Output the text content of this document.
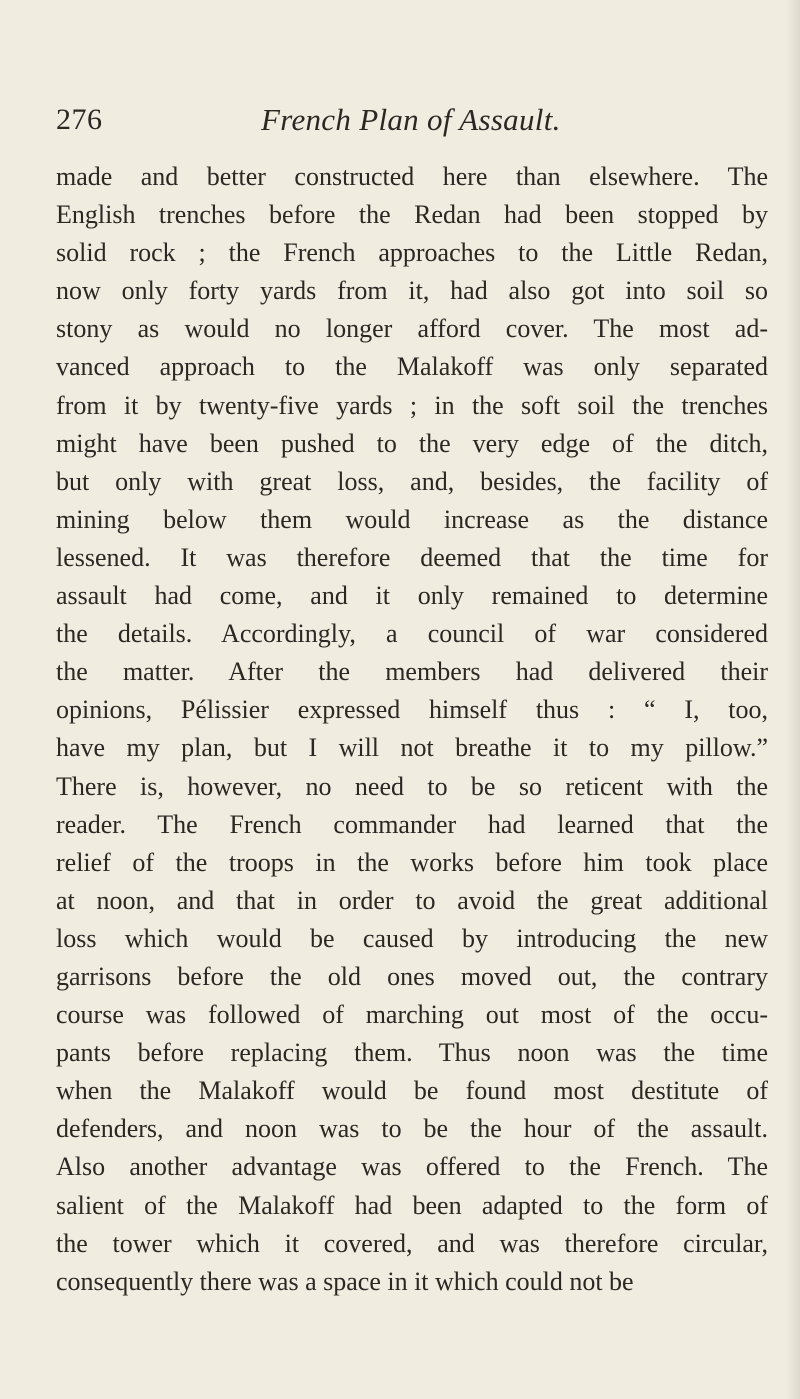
276	French Plan of Assault.
made and better constructed here than elsewhere. The
English trenches before the Redan had been stopped by
solid rock ; the French approaches to the Little Redan,
now only forty yards from it, had also got into soil so
stony as would no longer afford cover. The most ad-
vanced approach to the Malakoff was only separated
from it by twenty-five yards ; in the soft soil the trenches
might have been pushed to the very edge of the ditch,
but only with great loss, and, besides, the facility of
mining below them would increase as the distance
lessened. It was therefore deemed that the time for
assault had come, and it only remained to determine
the details. Accordingly, a council of war considered
the matter. After the members had delivered their
opinions, Pélissier expressed himself thus : “ I, too,
have my plan, but I will not breathe it to my pillow.”
There is, however, no need to be so reticent with the
reader. The French commander had learned that the
relief of the troops in the works before him took place
at noon, and that in order to avoid the great additional
loss which would be caused by introducing the new
garrisons before the old ones moved out, the contrary
course was followed of marching out most of the occu-
pants before replacing them. Thus noon was the time
when the Malakoff would be found most destitute of
defenders, and noon was to be the hour of the assault.
Also another advantage was offered to the French. The
salient of the Malakoff had been adapted to the form of
the tower which it covered, and was therefore circular,
consequently there was a space in it which could not be
